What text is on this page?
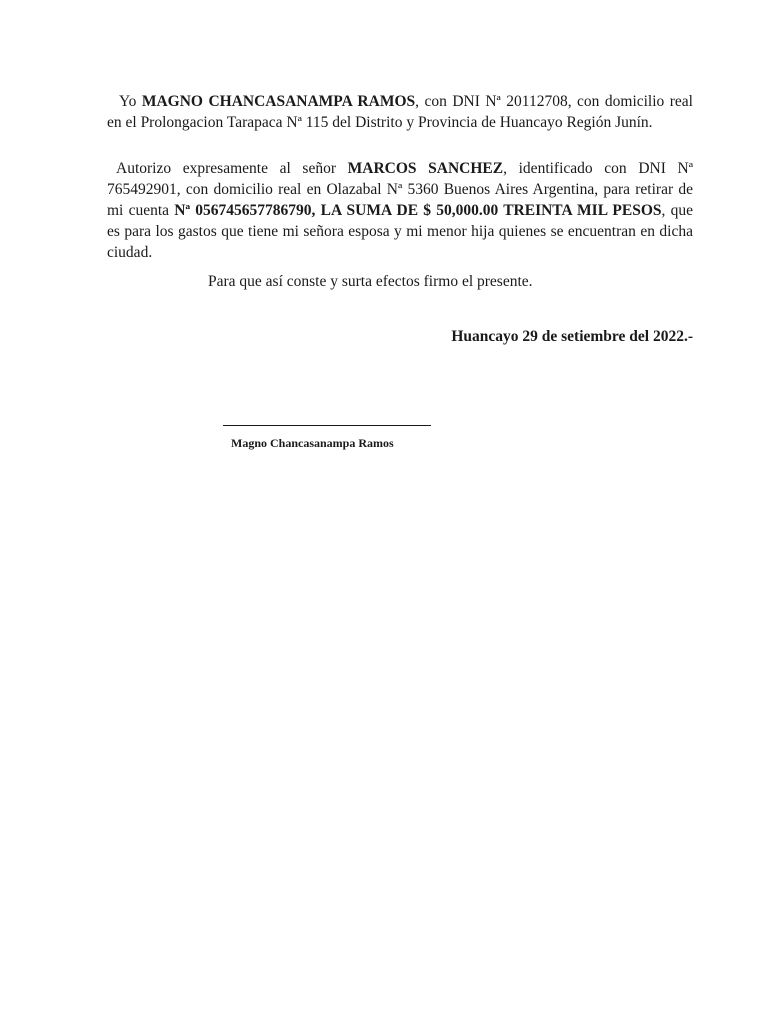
Yo MAGNO CHANCASANAMPA RAMOS, con DNI Nª 20112708, con domicilio real en el Prolongacion Tarapaca Nª 115 del Distrito y Provincia de Huancayo Región Junín.

Autorizo expresamente al señor MARCOS SANCHEZ, identificado con DNI Nª 765492901, con domicilio real en Olazabal Nª 5360 Buenos Aires Argentina, para retirar de mi cuenta Nª 056745657786790, LA SUMA DE $ 50,000.00 TREINTA MIL PESOS, que es para los gastos que tiene mi señora esposa y mi menor hija quienes se encuentran en dicha ciudad.

Para que así conste y surta efectos firmo el presente.

Huancayo 29 de setiembre del 2022.-

Magno Chancasanampa Ramos
